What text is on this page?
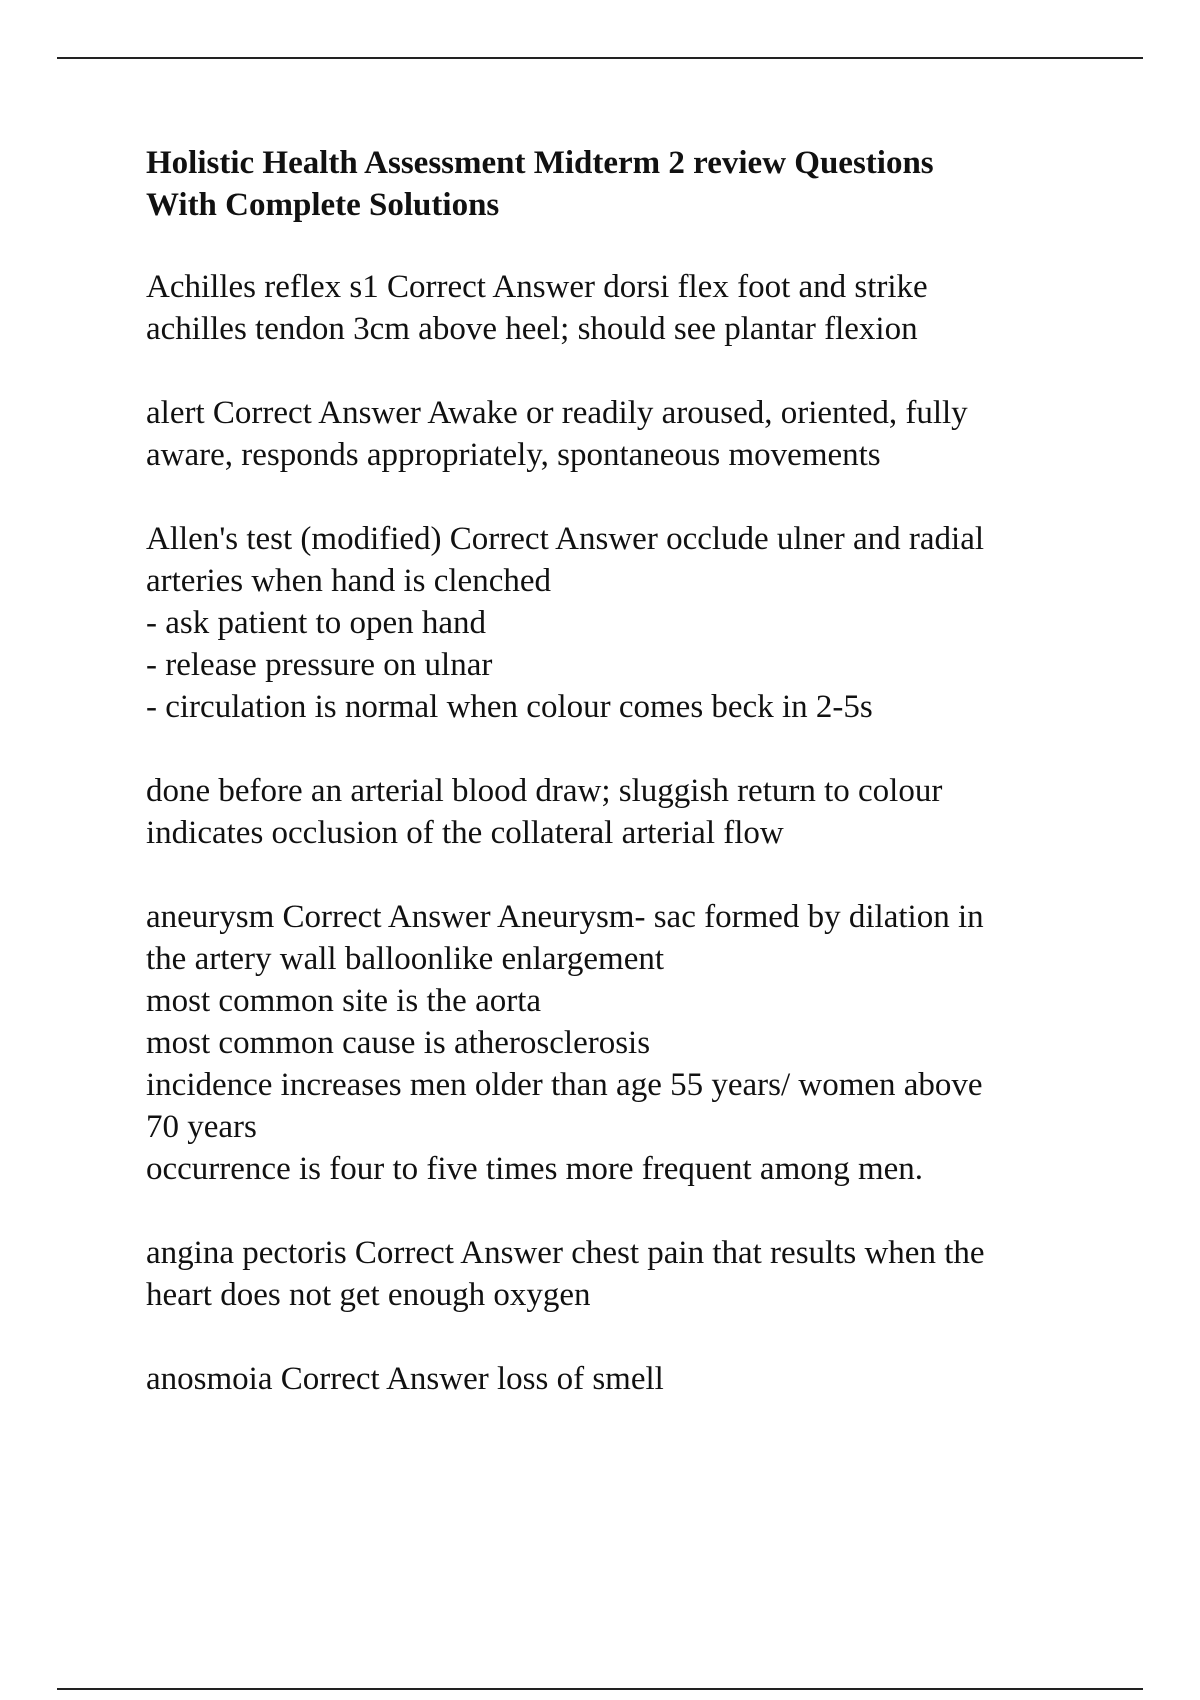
Holistic Health Assessment Midterm 2 review Questions
With Complete Solutions
Achilles reflex s1 Correct Answer dorsi flex foot and strike
achilles tendon 3cm above heel; should see plantar flexion
alert Correct Answer Awake or readily aroused, oriented, fully
aware, responds appropriately, spontaneous movements
Allen's test (modified) Correct Answer occlude ulner and radial
arteries when hand is clenched
- ask patient to open hand
- release pressure on ulnar
- circulation is normal when colour comes beck in 2-5s
done before an arterial blood draw; sluggish return to colour
indicates occlusion of the collateral arterial flow
aneurysm Correct Answer Aneurysm- sac formed by dilation in
the artery wall balloonlike enlargement
most common site is the aorta
most common cause is atherosclerosis
incidence increases men older than age 55 years/ women above
70 years
occurrence is four to five times more frequent among men.
angina pectoris Correct Answer chest pain that results when the
heart does not get enough oxygen
anosmoia Correct Answer loss of smell
